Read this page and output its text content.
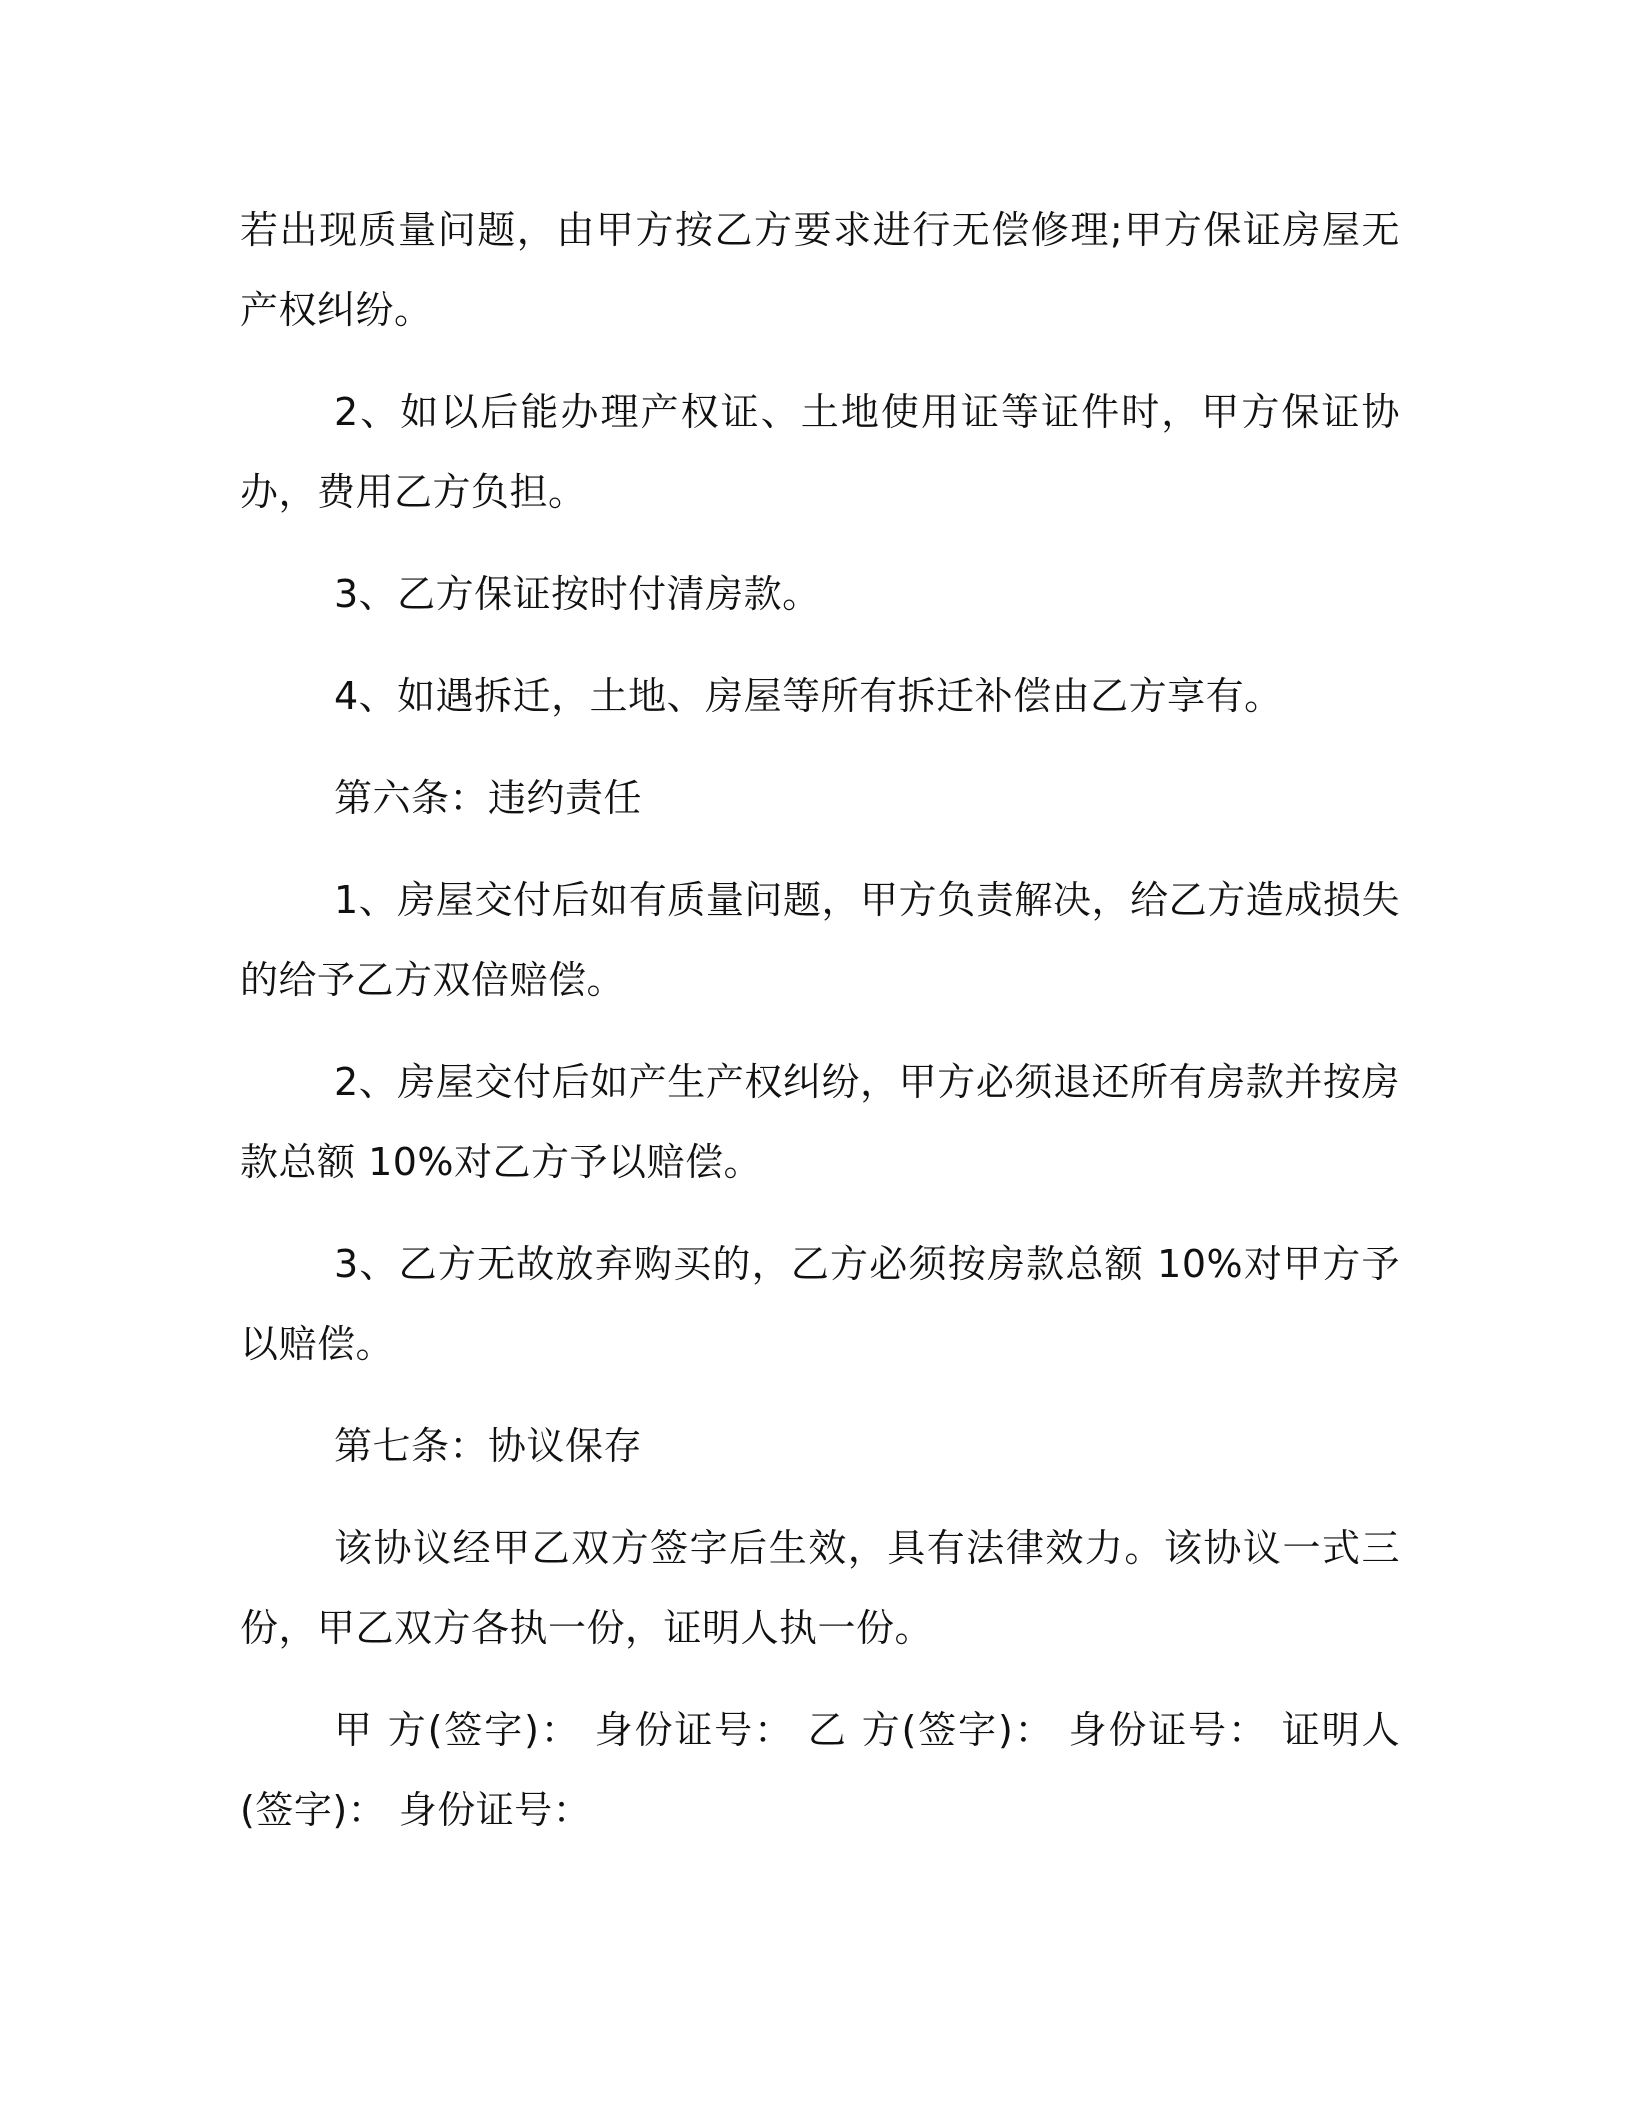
若出现质量问题，由甲方按乙方要求进行无偿修理;甲方保证房屋无产权纠纷。

2、如以后能办理产权证、土地使用证等证件时，甲方保证协办，费用乙方负担。

3、乙方保证按时付清房款。

4、如遇拆迁，土地、房屋等所有拆迁补偿由乙方享有。

第六条：违约责任

1、房屋交付后如有质量问题，甲方负责解决，给乙方造成损失的给予乙方双倍赔偿。

2、房屋交付后如产生产权纠纷，甲方必须退还所有房款并按房款总额 10%对乙方予以赔偿。

3、乙方无故放弃购买的，乙方必须按房款总额 10%对甲方予以赔偿。

第七条：协议保存

该协议经甲乙双方签字后生效，具有法律效力。该协议一式三份，甲乙双方各执一份，证明人执一份。

甲 方(签字)： 身份证号： 乙 方(签字)： 身份证号： 证明人(签字)： 身份证号：
